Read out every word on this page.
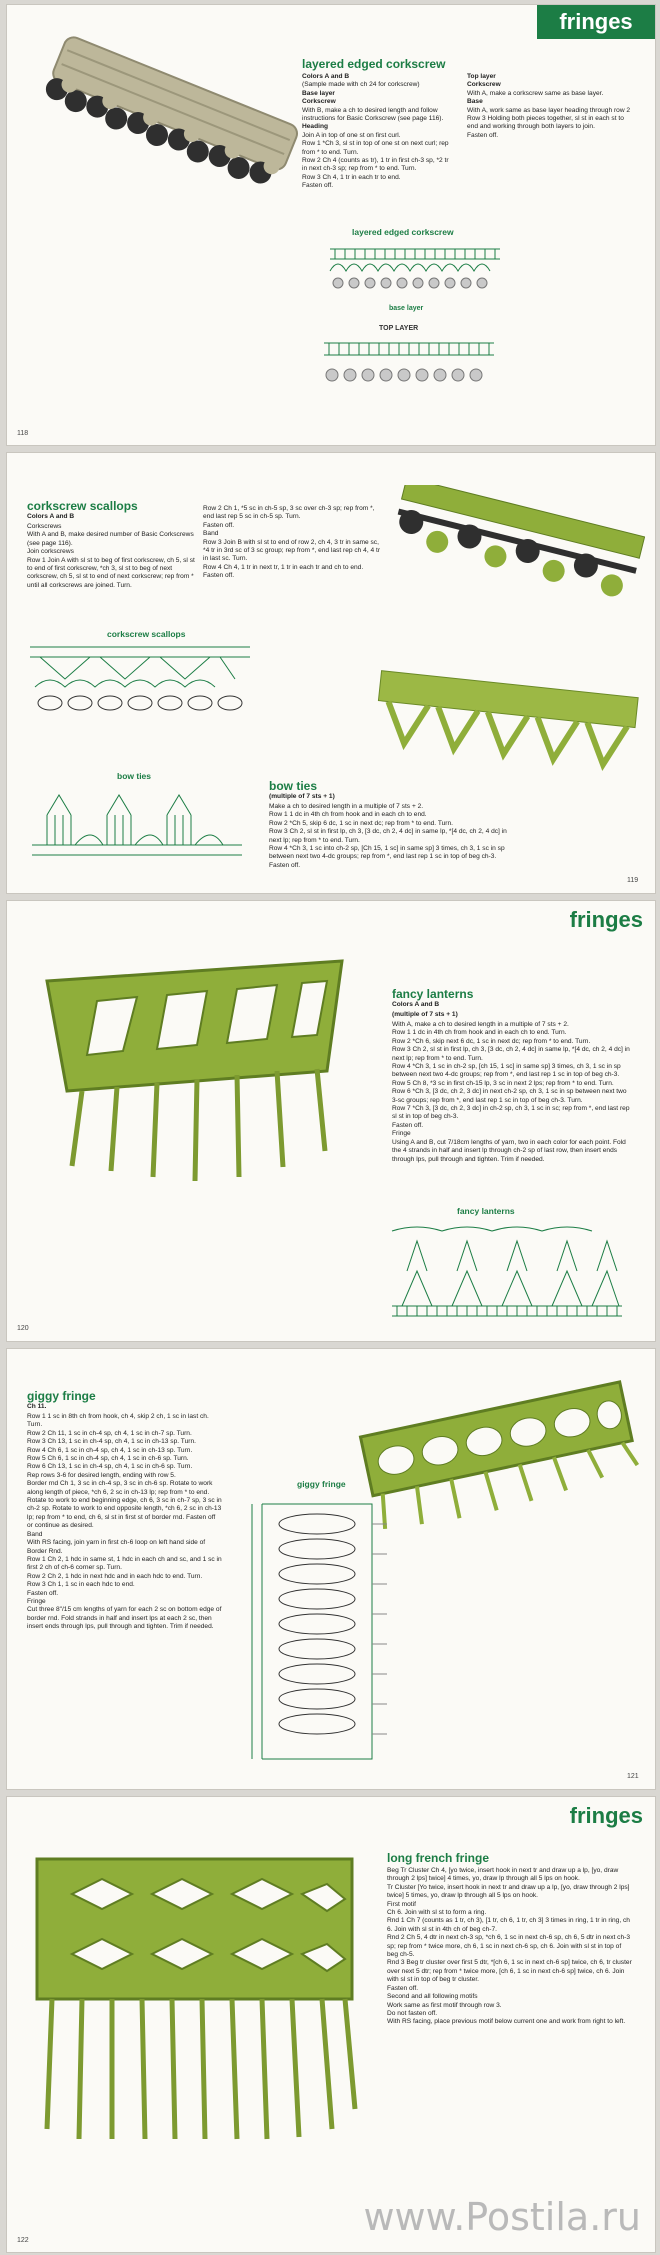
fringes
layered edged corkscrew
Colors A and B
(Sample made with ch 24 for corkscrew)
Base layer
Corkscrew
With B, make a ch to desired length and follow instructions for Basic Corkscrew (see page 116).
Heading
Join A in top of one st on first curl.
Row 1 *Ch 3, sl st in top of one st on next curl; rep from * to end. Turn.
Row 2 Ch 4 (counts as tr), 1 tr in first ch-3 sp, *2 tr in next ch-3 sp; rep from * to end. Turn.
Row 3 Ch 4, 1 tr in each tr to end.
Fasten off.
Top layer
Corkscrew
With A, make a corkscrew same as base layer.
Base
With A, work same as base layer heading through row 2
Row 3 Holding both pieces together, sl st in each st to end and working through both layers to join.
Fasten off.
layered edged corkscrew
base layer
TOP LAYER
118
corkscrew scallops
Colors A and B
Corkscrews
With A and B, make desired number of Basic Corkscrews (see page 116).
Join corkscrews
Row 1 Join A with sl st to beg of first corkscrew, ch 5, sl st to end of first corkscrew, *ch 3, sl st to beg of next corkscrew, ch 5, sl st to end of next corkscrew; rep from * until all corkscrews are joined. Turn.
Row 2 Ch 1, *5 sc in ch-5 sp, 3 sc over ch-3 sp; rep from *, end last rep 5 sc in ch-5 sp. Turn.
Fasten off.
Band
Row 3 Join B with sl st to end of row 2, ch 4, 3 tr in same sc, *4 tr in 3rd sc of 3 sc group; rep from *, end last rep ch 4, 4 tr in last sc. Turn.
Row 4 Ch 4, 1 tr in next tr, 1 tr in each tr and ch to end. Fasten off.
corkscrew scallops
bow ties
bow ties
(multiple of 7 sts + 1)
Make a ch to desired length in a multiple of 7 sts + 2.
Row 1 1 dc in 4th ch from hook and in each ch to end.
Row 2 *Ch 5, skip 6 dc, 1 sc in next dc; rep from * to end. Turn.
Row 3 Ch 2, sl st in first lp, ch 3, [3 dc, ch 2, 4 dc] in same lp, *[4 dc, ch 2, 4 dc] in next lp; rep from * to end. Turn.
Row 4 *Ch 3, 1 sc into ch-2 sp, [Ch 15, 1 sc] in same sp] 3 times, ch 3, 1 sc in sp between next two 4-dc groups; rep from *, end last rep 1 sc in top of beg ch-3.
Fasten off.
119
fringes
fancy lanterns
Colors A and B
(multiple of 7 sts + 1)
With A, make a ch to desired length in a multiple of 7 sts + 2.
Row 1 1 dc in 4th ch from hook and in each ch to end. Turn.
Row 2 *Ch 6, skip next 6 dc, 1 sc in next dc; rep from * to end. Turn.
Row 3 Ch 2, sl st in first lp, ch 3, [3 dc, ch 2, 4 dc] in same lp, *[4 dc, ch 2, 4 dc] in next lp; rep from * to end. Turn.
Row 4 *Ch 3, 1 sc in ch-2 sp, [ch 15, 1 sc] in same sp] 3 times, ch 3, 1 sc in sp between next two 4-dc groups; rep from *, end last rep 1 sc in top of beg ch-3.
Row 5 Ch 8, *3 sc in first ch-15 lp, 3 sc in next 2 lps; rep from * to end. Turn.
Row 6 *Ch 3, [3 dc, ch 2, 3 dc] in next ch-2 sp, ch 3, 1 sc in sp between next two 3-sc groups; rep from *, end last rep 1 sc in top of beg ch-3. Turn.
Row 7 *Ch 3, [3 dc, ch 2, 3 dc] in ch-2 sp, ch 3, 1 sc in sc; rep from *, end last rep sl st in top of beg ch-3.
Fasten off.
Fringe
Using A and B, cut 7/18cm lengths of yarn, two in each color for each point. Fold the 4 strands in half and insert lp through ch-2 sp of last row, then insert ends through lps, pull through and tighten. Trim if needed.
fancy lanterns
120
giggy fringe
Ch 11.
Row 1 1 sc in 8th ch from hook, ch 4, skip 2 ch, 1 sc in last ch. Turn.
Row 2 Ch 11, 1 sc in ch-4 sp, ch 4, 1 sc in ch-7 sp. Turn.
Row 3 Ch 13, 1 sc in ch-4 sp, ch 4, 1 sc in ch-13 sp. Turn.
Row 4 Ch 6, 1 sc in ch-4 sp, ch 4, 1 sc in ch-13 sp. Turn.
Row 5 Ch 6, 1 sc in ch-4 sp, ch 4, 1 sc in ch-6 sp. Turn.
Row 6 Ch 13, 1 sc in ch-4 sp, ch 4, 1 sc in ch-6 sp. Turn.
Rep rows 3-6 for desired length, ending with row 5.
Border rnd Ch 1, 3 sc in ch-4 sp, 3 sc in ch-6 sp. Rotate to work along length of piece, *ch 6, 2 sc in ch-13 lp; rep from * to end. Rotate to work to end beginning edge, ch 6, 3 sc in ch-7 sp, 3 sc in ch-2 sp. Rotate to work to end opposite length, *ch 6, 2 sc in ch-13 lp; rep from * to end, ch 6, sl st in first st of border rnd. Fasten off or continue as desired.
Band
With RS facing, join yarn in first ch-6 loop on left hand side of Border Rnd.
Row 1 Ch 2, 1 hdc in same st, 1 hdc in each ch and sc, and 1 sc in first 2 ch of ch-6 corner sp. Turn.
Row 2 Ch 2, 1 hdc in next hdc and in each hdc to end. Turn.
Row 3 Ch 1, 1 sc in each hdc to end.
Fasten off.
Fringe
Cut three 8"/15 cm lengths of yarn for each 2 sc on bottom edge of border rnd. Fold strands in half and insert lps at each 2 sc, then insert ends through lps, pull through and tighten. Trim if needed.
giggy fringe
121
fringes
long french fringe
Beg Tr Cluster Ch 4, [yo twice, insert hook in next tr and draw up a lp, [yo, draw through 2 lps] twice] 4 times, yo, draw lp through all 5 lps on hook.
Tr Cluster [Yo twice, insert hook in next tr and draw up a lp, [yo, draw through 2 lps] twice] 5 times, yo, draw lp through all 5 lps on hook.
First motif
Ch 6. Join with sl st to form a ring.
Rnd 1 Ch 7 (counts as 1 tr, ch 3), [1 tr, ch 6, 1 tr, ch 3] 3 times in ring, 1 tr in ring, ch 6. Join with sl st in 4th ch of beg ch-7.
Rnd 2 Ch 5, 4 dtr in next ch-3 sp, *ch 6, 1 sc in next ch-6 sp, ch 6, 5 dtr in next ch-3 sp; rep from * twice more, ch 6, 1 sc in next ch-6 sp, ch 6. Join with sl st in top of beg ch-5.
Rnd 3 Beg tr cluster over first 5 dtr, *[ch 6, 1 sc in next ch-6 sp] twice, ch 6, tr cluster over next 5 dtr; rep from * twice more, [ch 6, 1 sc in next ch-6 sp] twice, ch 6. Join with sl st in top of beg tr cluster.
Fasten off.
Second and all following motifs
Work same as first motif through row 3.
Do not fasten off.
With RS facing, place previous motif below current one and work from right to left.
122
www.Postila.ru
